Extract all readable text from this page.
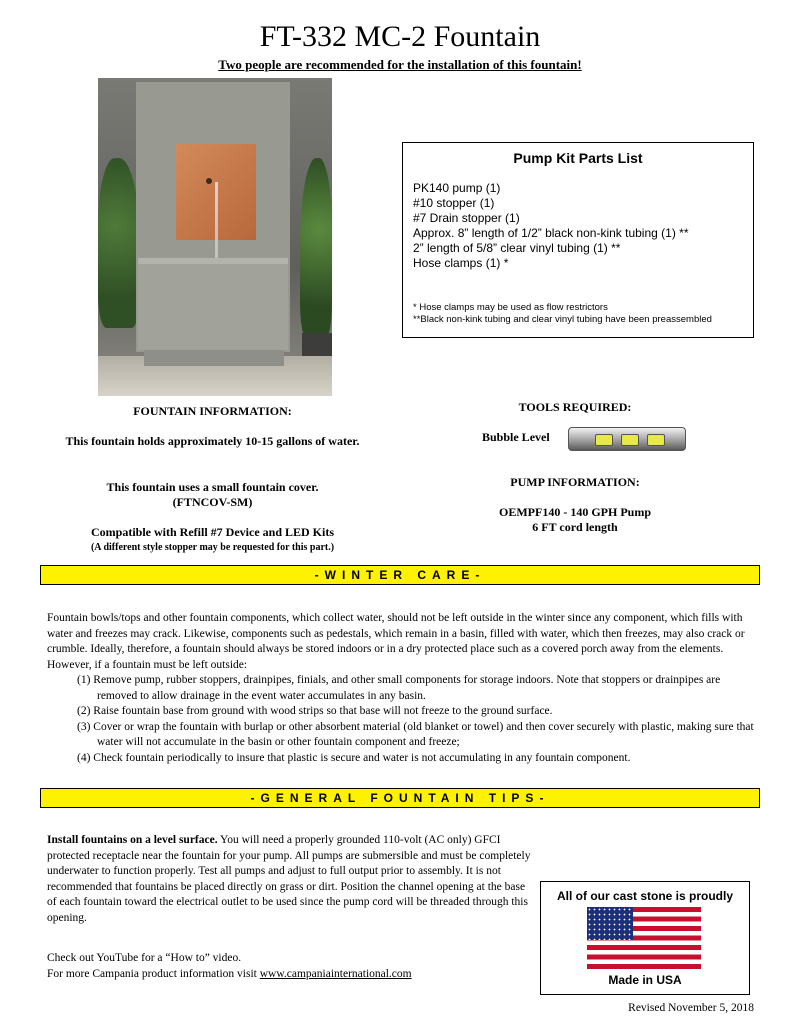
FT-332 MC-2 Fountain
Two people are recommended for the installation of this fountain!
Pump Kit Parts List
PK140 pump (1)
#10 stopper (1)
#7 Drain stopper (1)
Approx. 8” length of 1/2” black non-kink tubing (1) **
2” length of 5/8” clear vinyl tubing (1) **
Hose clamps (1) *
* Hose clamps may be used as flow restrictors
**Black non-kink tubing and clear vinyl tubing have been preassembled
FOUNTAIN INFORMATION:
This fountain holds approximately 10-15 gallons of water.
This fountain uses a small fountain cover.
(FTNCOV-SM)
Compatible with Refill #7 Device and LED Kits
(A different style stopper may be requested for this part.)
TOOLS REQUIRED:
Bubble Level
PUMP INFORMATION:
OEMPF140 - 140 GPH Pump
6 FT cord length
-WINTER CARE-
Fountain bowls/tops and other fountain components, which collect water, should not be left outside in the winter since any component, which fills with water and freezes may crack. Likewise, components such as pedestals, which remain in a basin, filled with water, which then freezes, may also crack or crumble. Ideally, therefore, a fountain should always be stored indoors or in a dry protected place such as a covered porch away from the elements. However, if a fountain must be left outside:
(1) Remove pump, rubber stoppers, drainpipes, finials, and other small components for storage indoors. Note that stoppers or drainpipes are removed to allow drainage in the event water accumulates in any basin.
(2) Raise fountain base from ground with wood strips so that base will not freeze to the ground surface.
(3) Cover or wrap the fountain with burlap or other absorbent material (old blanket or towel) and then cover securely with plastic, making sure that water will not accumulate in the basin or other fountain component and freeze;
(4) Check fountain periodically to insure that plastic is secure and water is not accumulating in any fountain component.
-GENERAL FOUNTAIN TIPS-
Install fountains on a level surface. You will need a properly grounded 110-volt (AC only) GFCI protected receptacle near the fountain for your pump. All pumps are submersible and must be completely underwater to function properly. Test all pumps and adjust to full output prior to assembly. It is not recommended that fountains be placed directly on grass or dirt. Position the channel opening at the base of each fountain toward the electrical outlet to be used since the pump cord will be threaded through this opening.
All of our cast stone is proudly
Made in USA
Check out YouTube for a “How to” video.
For more Campania product information visit www.campaniainternational.com
Revised November 5, 2018
